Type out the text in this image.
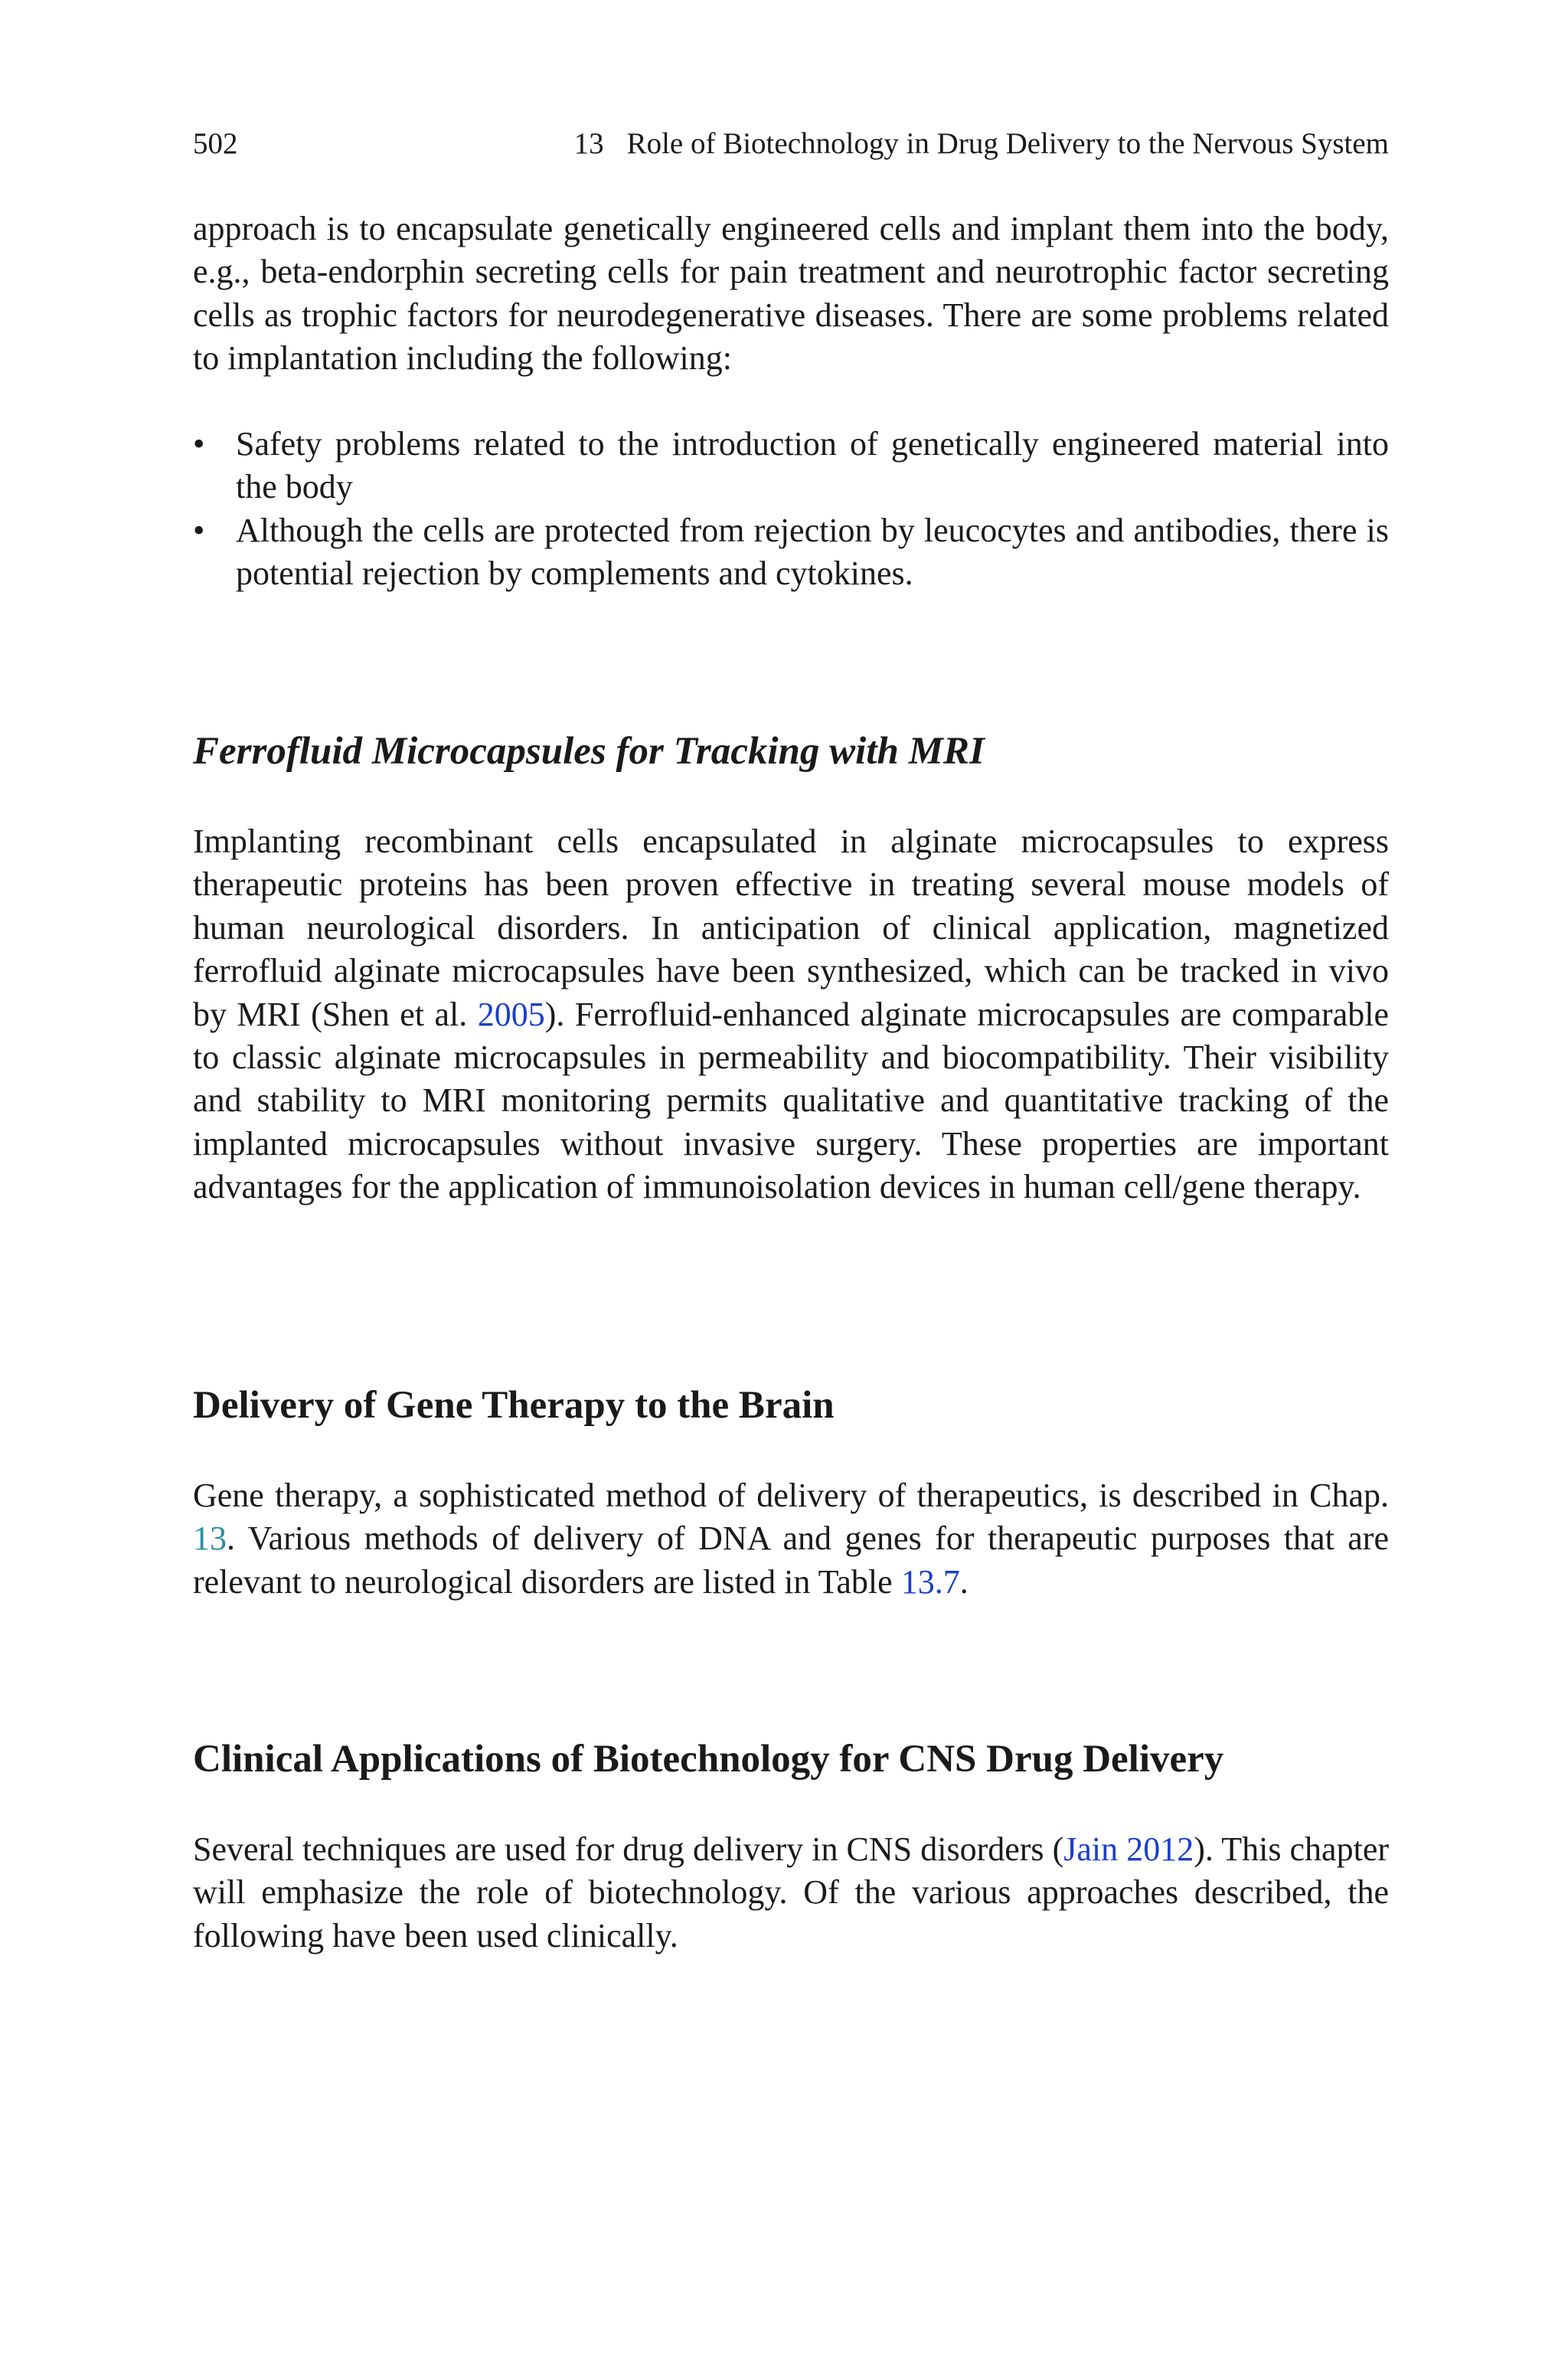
502	13 Role of Biotechnology in Drug Delivery to the Nervous System

approach is to encapsulate genetically engineered cells and implant them into the body, e.g., beta-endorphin secreting cells for pain treatment and neurotrophic factor secreting cells as trophic factors for neurodegenerative diseases. There are some problems related to implantation including the following:

• Safety problems related to the introduction of genetically engineered material into the body
• Although the cells are protected from rejection by leucocytes and antibodies, there is potential rejection by complements and cytokines.
Ferrofluid Microcapsules for Tracking with MRI

Implanting recombinant cells encapsulated in alginate microcapsules to express therapeutic proteins has been proven effective in treating several mouse models of human neurological disorders. In anticipation of clinical application, magnetized ferrofluid alginate microcapsules have been synthesized, which can be tracked in vivo by MRI (Shen et al. 2005). Ferrofluid-enhanced alginate microcapsules are comparable to classic alginate microcapsules in permeability and biocompatibility. Their visibility and stability to MRI monitoring permits qualitative and quantitative tracking of the implanted microcapsules without invasive surgery. These properties are important advantages for the application of immunoisolation devices in human cell/gene therapy.

Delivery of Gene Therapy to the Brain

Gene therapy, a sophisticated method of delivery of therapeutics, is described in Chap. 13. Various methods of delivery of DNA and genes for therapeutic purposes that are relevant to neurological disorders are listed in Table 13.7.

Clinical Applications of Biotechnology for CNS Drug Delivery

Several techniques are used for drug delivery in CNS disorders (Jain 2012). This chapter will emphasize the role of biotechnology. Of the various approaches described, the following have been used clinically.
